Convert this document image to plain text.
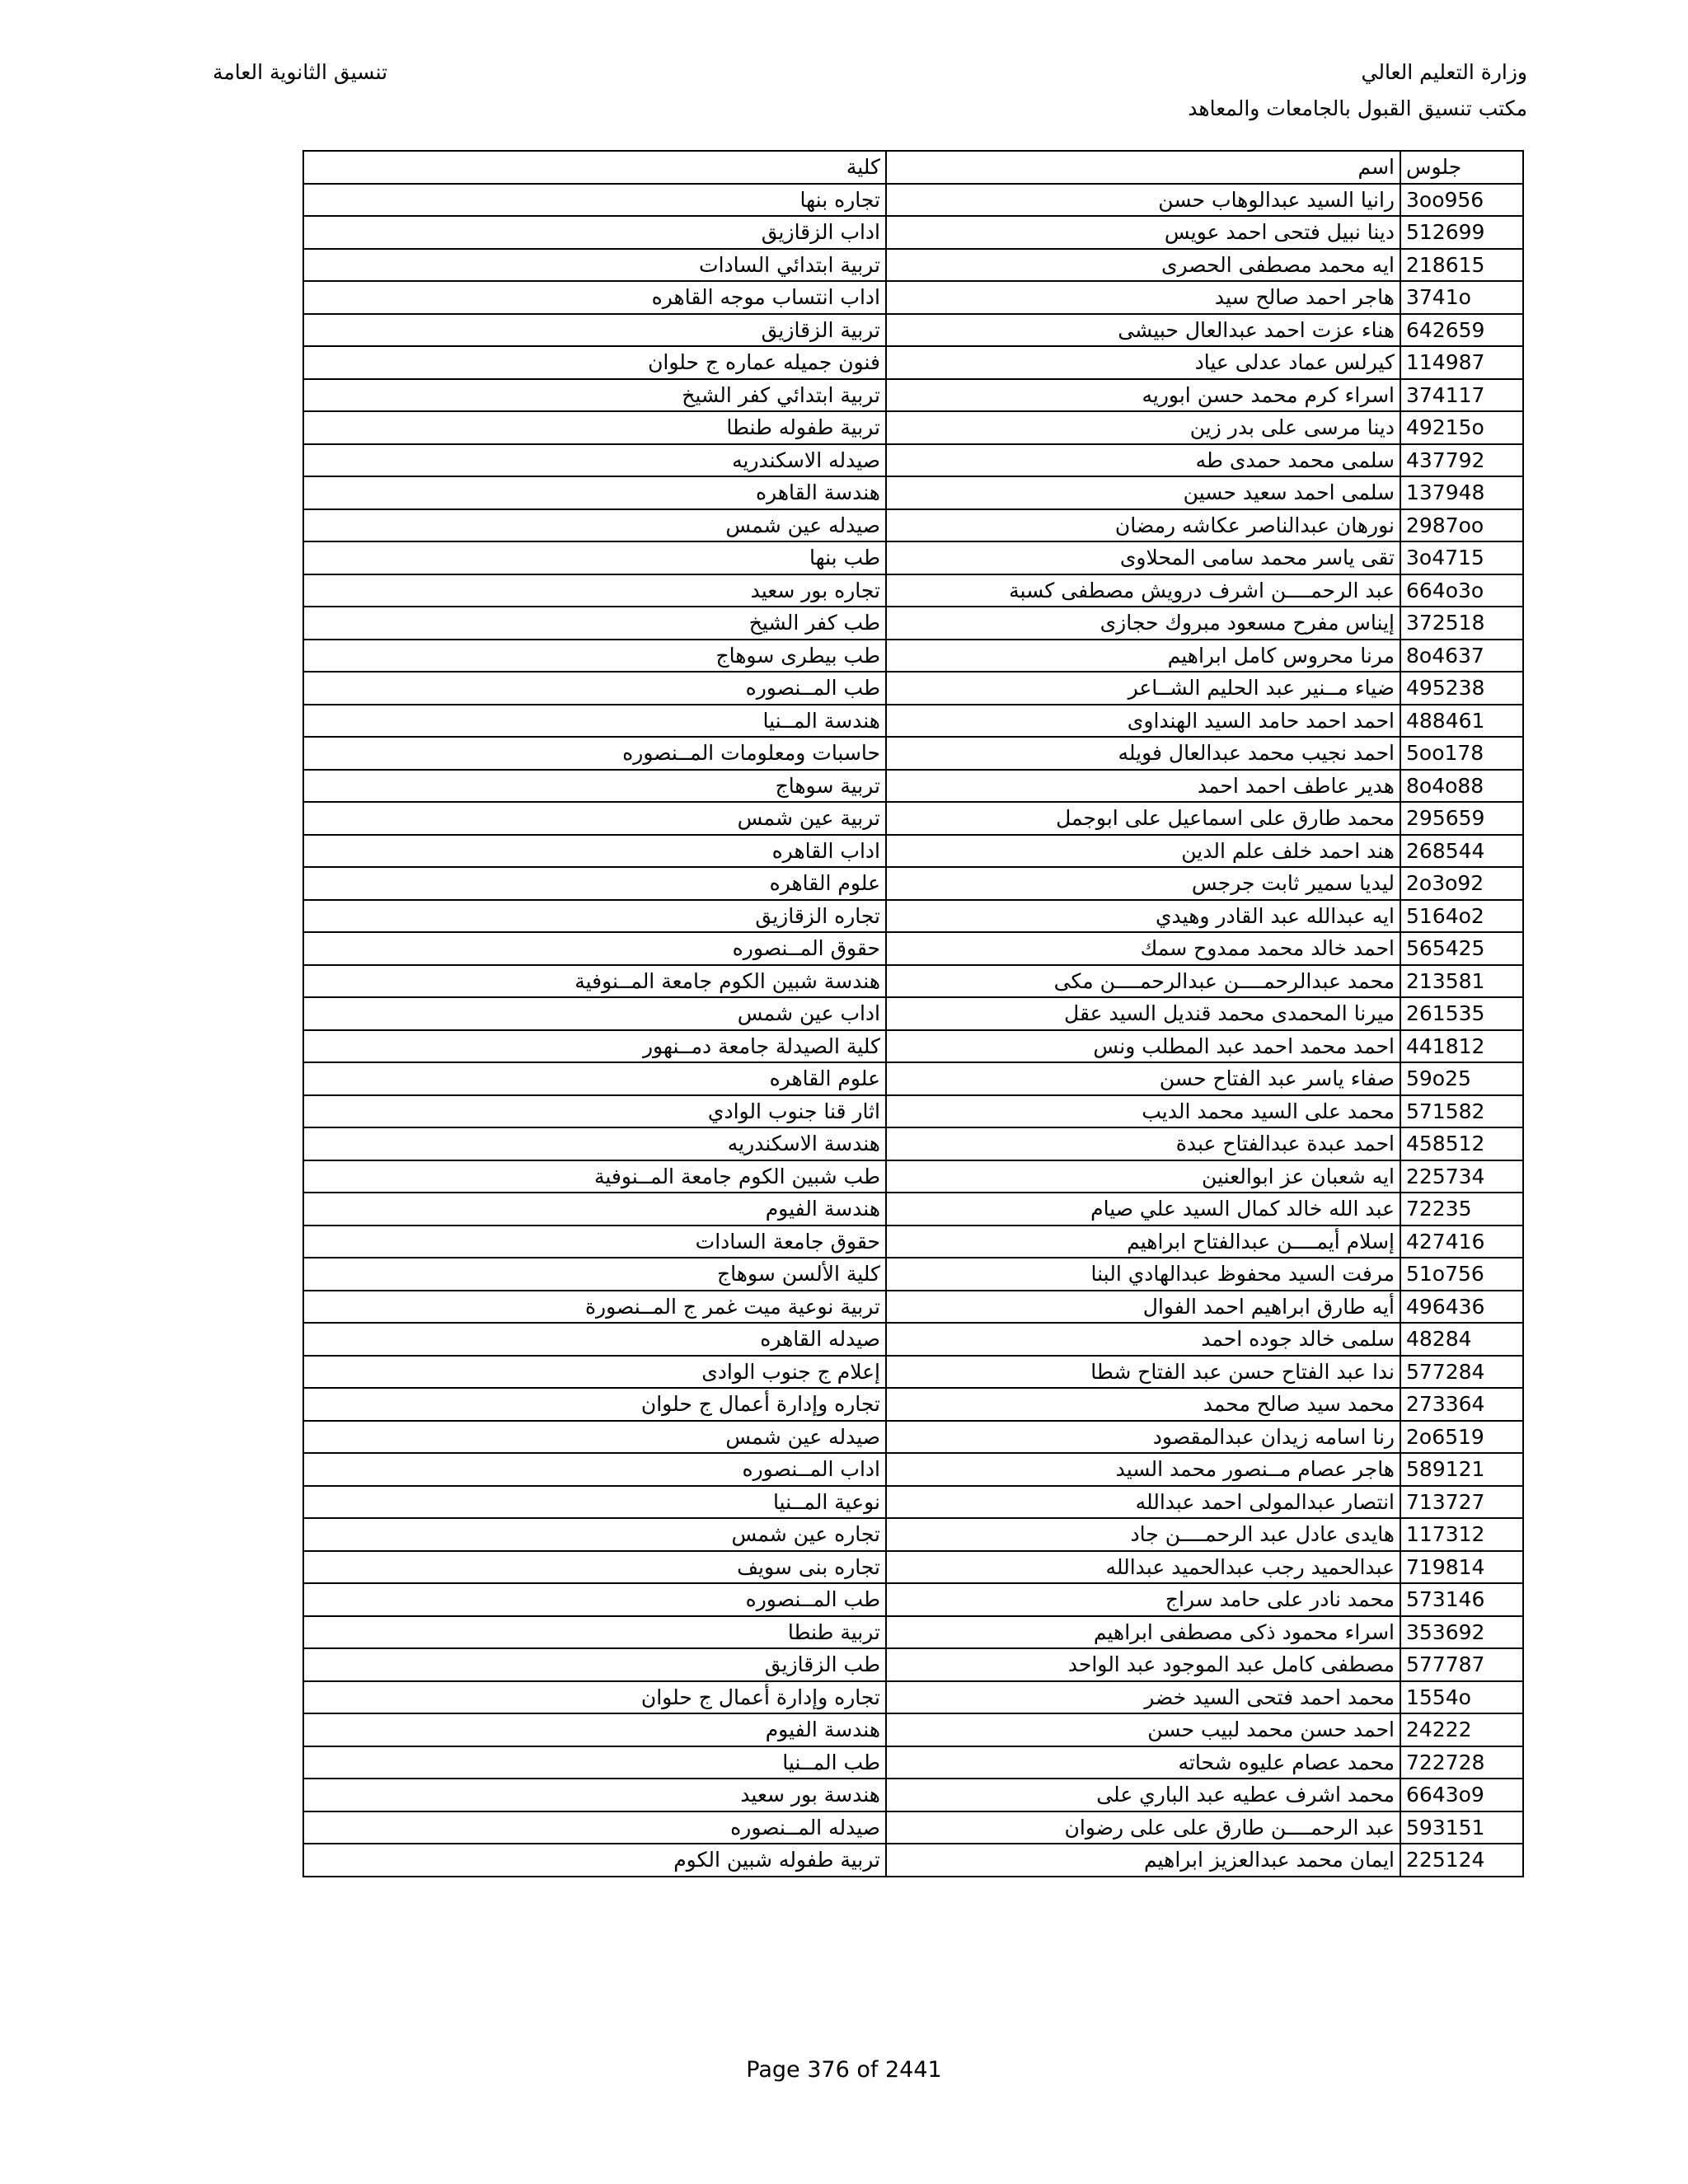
وزارة التعليم العالي
مكتب تنسيق القبول بالجامعات والمعاهد
تنسيق الثانوية العامة
كلية	اسم	جلوس
تجاره بنها	رانيا السيد عبدالوهاب حسن	3oo956
اداب الزقازيق	دينا نبيل فتحى احمد عويس	512699
تربية ابتدائي السادات	ايه محمد مصطفى الحصرى	218615
اداب انتساب موجه القاهره	هاجر احمد صالح سيد	3741o
تربية الزقازيق	هناء عزت احمد عبدالعال حبيشى	642659
فنون جميله عماره ج حلوان	كيرلس عماد عدلى عياد	114987
تربية ابتدائي كفر الشيخ	اسراء كرم محمد حسن ابوريه	374117
تربية طفوله طنطا	دينا مرسى على بدر زين	49215o
صيدله الاسكندريه	سلمى محمد حمدى طه	437792
هندسة القاهره	سلمى احمد سعيد حسين	137948
صيدله عين شمس	نورهان عبدالناصر عكاشه رمضان	2987oo
طب بنها	تقى ياسر محمد سامى المحلاوى	3o4715
تجاره بور سعيد	عبد الرحمــــن اشرف درويش مصطفى كسبة	664o3o
طب كفر الشيخ	إيناس مفرح مسعود مبروك حجازى	372518
طب بيطرى سوهاج	مرنا محروس كامل ابراهيم	8o4637
طب المــنصوره	ضياء مــنير عبد الحليم الشــاعر	495238
هندسة المــنيا	احمد احمد حامد السيد الهنداوى	488461
حاسبات ومعلومات المــنصوره	احمد نجيب محمد عبدالعال فويله	5oo178
تربية سوهاج	هدير عاطف احمد احمد	8o4o88
تربية عين شمس	محمد طارق على اسماعيل على ابوجمل	295659
اداب القاهره	هند احمد خلف علم الدين	268544
علوم القاهره	ليديا سمير ثابت جرجس	2o3o92
تجاره الزقازيق	ايه عبدالله عبد القادر وهيدي	5164o2
حقوق المــنصوره	احمد خالد محمد ممدوح سمك	565425
هندسة شبين الكوم جامعة المــنوفية	محمد عبدالرحمــــن عبدالرحمــــن مكى	213581
اداب عين شمس	ميرنا المحمدى محمد قنديل السيد عقل	261535
كلية الصيدلة جامعة دمــنهور	احمد محمد احمد عبد المطلب ونس	441812
علوم القاهره	صفاء ياسر عبد الفتاح حسن	59o25
اثار قنا جنوب الوادي	محمد على السيد محمد الديب	571582
هندسة الاسكندريه	احمد عبدة عبدالفتاح عبدة	458512
طب شبين الكوم جامعة المــنوفية	ايه شعبان عز ابوالعنين	225734
هندسة الفيوم	عبد الله خالد كمال السيد علي صيام	72235
حقوق جامعة السادات	إسلام أيمــــن عبدالفتاح ابراهيم	427416
كلية الألسن سوهاج	مرفت السيد محفوظ عبدالهادي البنا	51o756
تربية نوعية ميت غمر ج المــنصورة	أيه طارق ابراهيم احمد الفوال	496436
صيدله القاهره	سلمى خالد جوده احمد	48284
إعلام ج جنوب الوادى	ندا عبد الفتاح حسن عبد الفتاح شطا	577284
تجاره وإدارة أعمال ج حلوان	محمد سيد صالح محمد	273364
صيدله عين شمس	رنا اسامه زيدان عبدالمقصود	2o6519
اداب المــنصوره	هاجر عصام مــنصور محمد السيد	589121
نوعية المــنيا	انتصار عبدالمولى احمد عبدالله	713727
تجاره عين شمس	هايدى عادل عبد الرحمــــن جاد	117312
تجاره بنى سويف	عبدالحميد رجب عبدالحميد عبدالله	719814
طب المــنصوره	محمد نادر على حامد سراج	573146
تربية طنطا	اسراء محمود ذكى مصطفى ابراهيم	353692
طب الزقازيق	مصطفى كامل عبد الموجود عبد الواحد	577787
تجاره وإدارة أعمال ج حلوان	محمد احمد فتحى السيد خضر	1554o
هندسة الفيوم	احمد حسن محمد لبيب حسن	24222
طب المــنيا	محمد عصام عليوه شحاته	722728
هندسة بور سعيد	محمد اشرف عطيه عبد الباري على	6643o9
صيدله المــنصوره	عبد الرحمــــن طارق على على رضوان	593151
تربية طفوله شبين الكوم	ايمان محمد عبدالعزيز ابراهيم	225124
Page 376 of 2441
